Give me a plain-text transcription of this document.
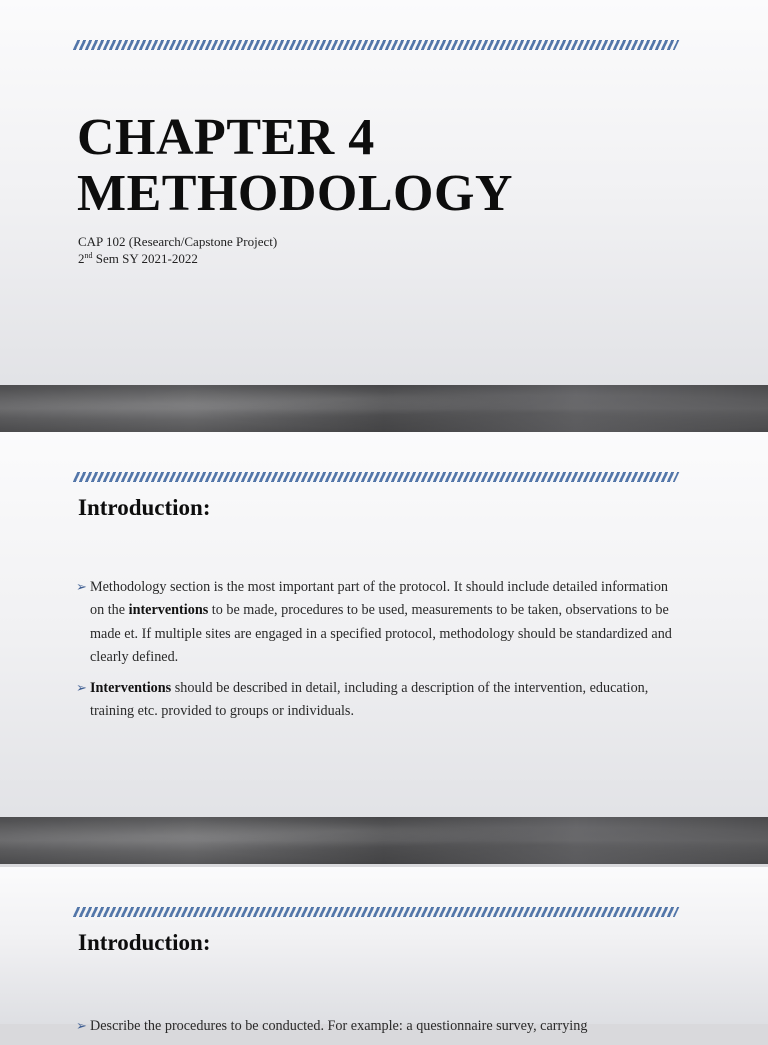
CHAPTER 4
METHODOLOGY
CAP 102 (Research/Capstone Project)
2nd Sem SY 2021-2022
Introduction:
➢ Methodology section is the most important part of the protocol. It should include detailed information on the interventions to be made, procedures to be used, measurements to be taken, observations to be made et. If multiple sites are engaged in a specified protocol, methodology should be standardized and clearly defined.
➢ Interventions should be described in detail, including a description of the intervention, education, training etc. provided to groups or individuals.
Introduction:
➢ Describe the procedures to be conducted. For example: a questionnaire survey, carrying
